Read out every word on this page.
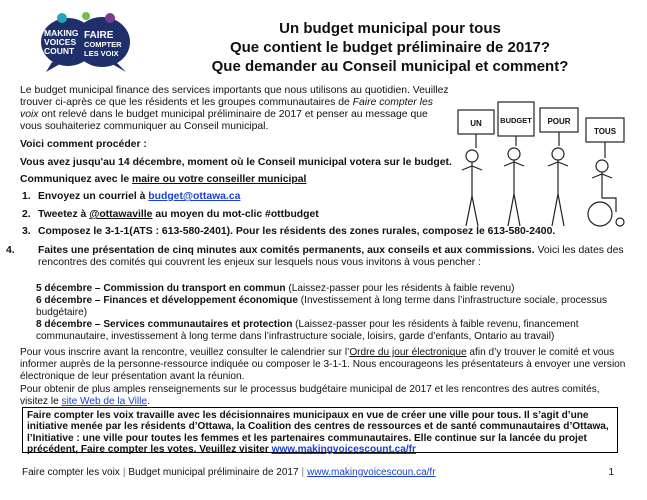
MAKING
VOICES
COUNT
FAIRE
COMPTER
LES VOIX
Un budget municipal pour tous
Que contient le budget préliminaire de 2017?
Que demander au Conseil municipal et comment?
Le budget municipal finance des services importants que nous utilisons au quotidien. Veuillez trouver ci-après ce que les résidents et les groupes communautaires de Faire compter les voix ont relevé dans le budget municipal préliminaire de 2017 et penser au message que vous souhaiteriez communiquer au Conseil municipal.	UN BUDGET POUR
TOUS
Voici comment procéder :
Vous avez jusqu'au 14 décembre, moment où le Conseil municipal votera sur le budget.
Communiquez avec le maire ou votre conseiller municipal
1. Envoyez un courriel à budget@ottawa.ca
2. Tweetez à @ottawaville au moyen du mot-clic #ottbudget
3. Composez le 3-1-1(ATS : 613-580-2401). Pour les résidents des zones rurales, composez le 613-580-2400.
4. Faites une présentation de cinq minutes aux comités permanents, aux conseils et aux commissions. Voici les dates des rencontres des comités qui couvrent les enjeux sur lesquels nous vous invitons à vous pencher :
5 décembre – Commission du transport en commun (Laissez-passer pour les résidents à faible revenu)
6 décembre – Finances et développement économique (Investissement à long terme dans l’infrastructure sociale, processus budgétaire)
8 décembre – Services communautaires et protection (Laissez-passer pour les résidents à faible revenu, financement communautaire, investissement à long terme dans l’infrastructure sociale, loisirs, garde d’enfants, Ontario au travail)
Pour vous inscrire avant la rencontre, veuillez consulter le calendrier sur l’Ordre du jour électronique afin d’y trouver le comité et vous informer auprès de la personne-ressource indiquée ou composer le 3-1-1. Nous encourageons les présentateurs à envoyer une version électronique de leur présentation avant la réunion.
Pour obtenir de plus amples renseignements sur le processus budgétaire municipal de 2017 et les rencontres des autres comités, visitez le site Web de la Ville.
Faire compter les voix travaille avec les décisionnaires municipaux en vue de créer une ville pour tous. Il s’agit d’une initiative menée par les résidents d’Ottawa, la Coalition des centres de ressources et de santé communautaires d’Ottawa, l’Initiative : une ville pour toutes les femmes et les partenaires communautaires. Elle continue sur la lancée du projet précédent, Faire compter les votes. Veuillez visiter www.makingvoicescount.ca/fr
Faire compter les voix | Budget municipal préliminaire de 2017 | www.makingvoicescoun.ca/fr	1
